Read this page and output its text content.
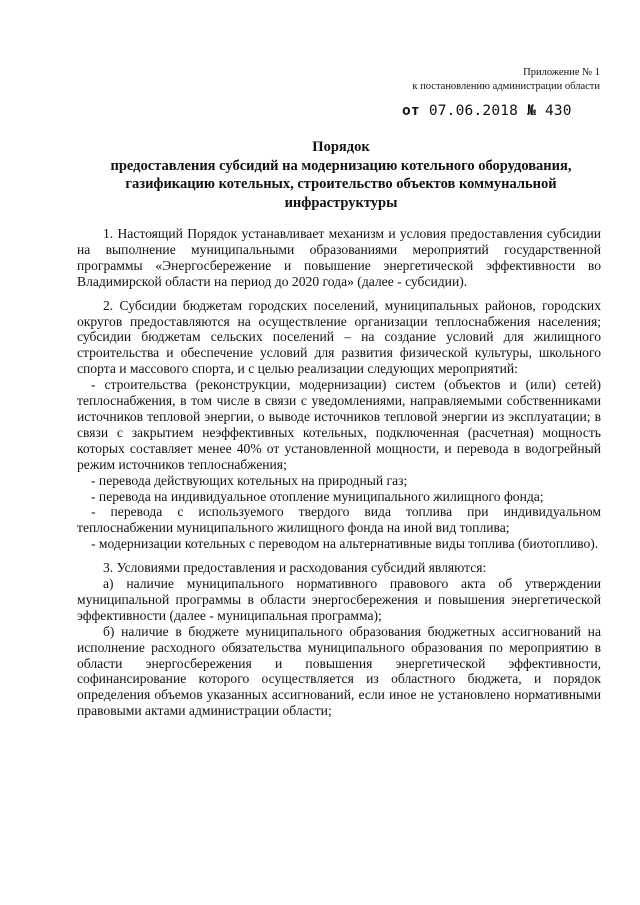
Приложение № 1
к постановлению администрации области
от 07.06.2018 № 430
Порядок
предоставления субсидий на модернизацию котельного оборудования,
газификацию котельных, строительство объектов коммунальной
инфраструктуры

1. Настоящий Порядок устанавливает механизм и условия предоставления субсидии на выполнение муниципальными образованиями мероприятий государственной программы «Энергосбережение и повышение энергетической эффективности во Владимирской области на период до 2020 года» (далее - субсидии).

2. Субсидии бюджетам городских поселений, муниципальных районов, городских округов предоставляются на осуществление организации теплоснабжения населения; субсидии бюджетам сельских поселений – на создание условий для жилищного строительства и обеспечение условий для развития физической культуры, школьного спорта и массового спорта, и с целью реализации следующих мероприятий:

- строительства (реконструкции, модернизации) систем (объектов и (или) сетей) теплоснабжения, в том числе в связи с уведомлениями, направляемыми собственниками источников тепловой энергии, о выводе источников тепловой энергии из эксплуатации; в связи с закрытием неэффективных котельных, подключенная (расчетная) мощность которых составляет менее 40% от установленной мощности, и перевода в водогрейный режим источников теплоснабжения;

- перевода действующих котельных на природный газ;

- перевода на индивидуальное отопление муниципального жилищного фонда;

- перевода с используемого твердого вида топлива при индивидуальном теплоснабжении муниципального жилищного фонда на иной вид топлива;

- модернизации котельных с переводом на альтернативные виды топлива (биотопливо).

3. Условиями предоставления и расходования субсидий являются:

а) наличие муниципального нормативного правового акта об утверждении муниципальной программы в области энергосбережения и повышения энергетической эффективности (далее - муниципальная программа);

б) наличие в бюджете муниципального образования бюджетных ассигнований на исполнение расходного обязательства муниципального образования по мероприятию в области энергосбережения и повышения энергетической эффективности, софинансирование которого осуществляется из областного бюджета, и порядок определения объемов указанных ассигнований, если иное не установлено нормативными правовыми актами администрации области;
